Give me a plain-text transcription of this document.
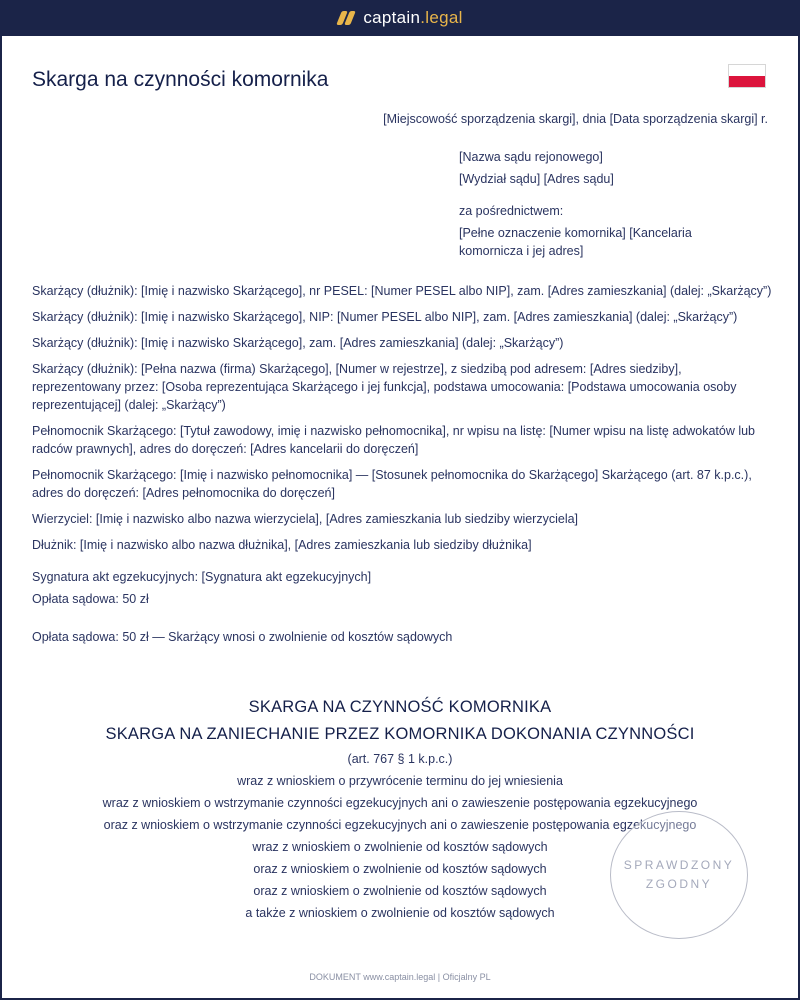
captain.legal
Skarga na czynności komornika

[Miejscowość sporządzenia skargi], dnia [Data sporządzenia skargi] r.

[Nazwa sądu rejonowego]

[Wydział sądu] [Adres sądu]

za pośrednictwem:

[Pełne oznaczenie komornika] [Kancelaria komornicza i jej adres]

Skarżący (dłużnik): [Imię i nazwisko Skarżącego], nr PESEL: [Numer PESEL albo NIP], zam. [Adres zamieszkania] (dalej: „Skarżący”)

Skarżący (dłużnik): [Imię i nazwisko Skarżącego], NIP: [Numer PESEL albo NIP], zam. [Adres zamieszkania] (dalej: „Skarżący”)

Skarżący (dłużnik): [Imię i nazwisko Skarżącego], zam. [Adres zamieszkania] (dalej: „Skarżący”)

Skarżący (dłużnik): [Pełna nazwa (firma) Skarżącego], [Numer w rejestrze], z siedzibą pod adresem: [Adres siedziby], reprezentowany przez: [Osoba reprezentująca Skarżącego i jej funkcja], podstawa umocowania: [Podstawa umocowania osoby reprezentującej] (dalej: „Skarżący”)

Pełnomocnik Skarżącego: [Tytuł zawodowy, imię i nazwisko pełnomocnika], nr wpisu na listę: [Numer wpisu na listę adwokatów lub radców prawnych], adres do doręczeń: [Adres kancelarii do doręczeń]

Pełnomocnik Skarżącego: [Imię i nazwisko pełnomocnika] — [Stosunek pełnomocnika do Skarżącego] Skarżącego (art. 87 k.p.c.), adres do doręczeń: [Adres pełnomocnika do doręczeń]

Wierzyciel: [Imię i nazwisko albo nazwa wierzyciela], [Adres zamieszkania lub siedziby wierzyciela]

Dłużnik: [Imię i nazwisko albo nazwa dłużnika], [Adres zamieszkania lub siedziby dłużnika]

Sygnatura akt egzekucyjnych: [Sygnatura akt egzekucyjnych]

Opłata sądowa: 50 zł

Opłata sądowa: 50 zł — Skarżący wnosi o zwolnienie od kosztów sądowych

SKARGA NA CZYNNOŚĆ KOMORNIKA
SKARGA NA ZANIECHANIE PRZEZ KOMORNIKA DOKONANIA CZYNNOŚCI

(art. 767 § 1 k.p.c.)

wraz z wnioskiem o przywrócenie terminu do jej wniesienia

wraz z wnioskiem o wstrzymanie czynności egzekucyjnych ani o zawieszenie postępowania egzekucyjnego

oraz z wnioskiem o wstrzymanie czynności egzekucyjnych ani o zawieszenie postępowania egzekucyjnego

wraz z wnioskiem o zwolnienie od kosztów sądowych

oraz z wnioskiem o zwolnienie od kosztów sądowych

oraz z wnioskiem o zwolnienie od kosztów sądowych

a także z wnioskiem o zwolnienie od kosztów sądowych

SPRAWDZONY
ZGODNY
DOKUMENT www.captain.legal | Oficjalny PL
